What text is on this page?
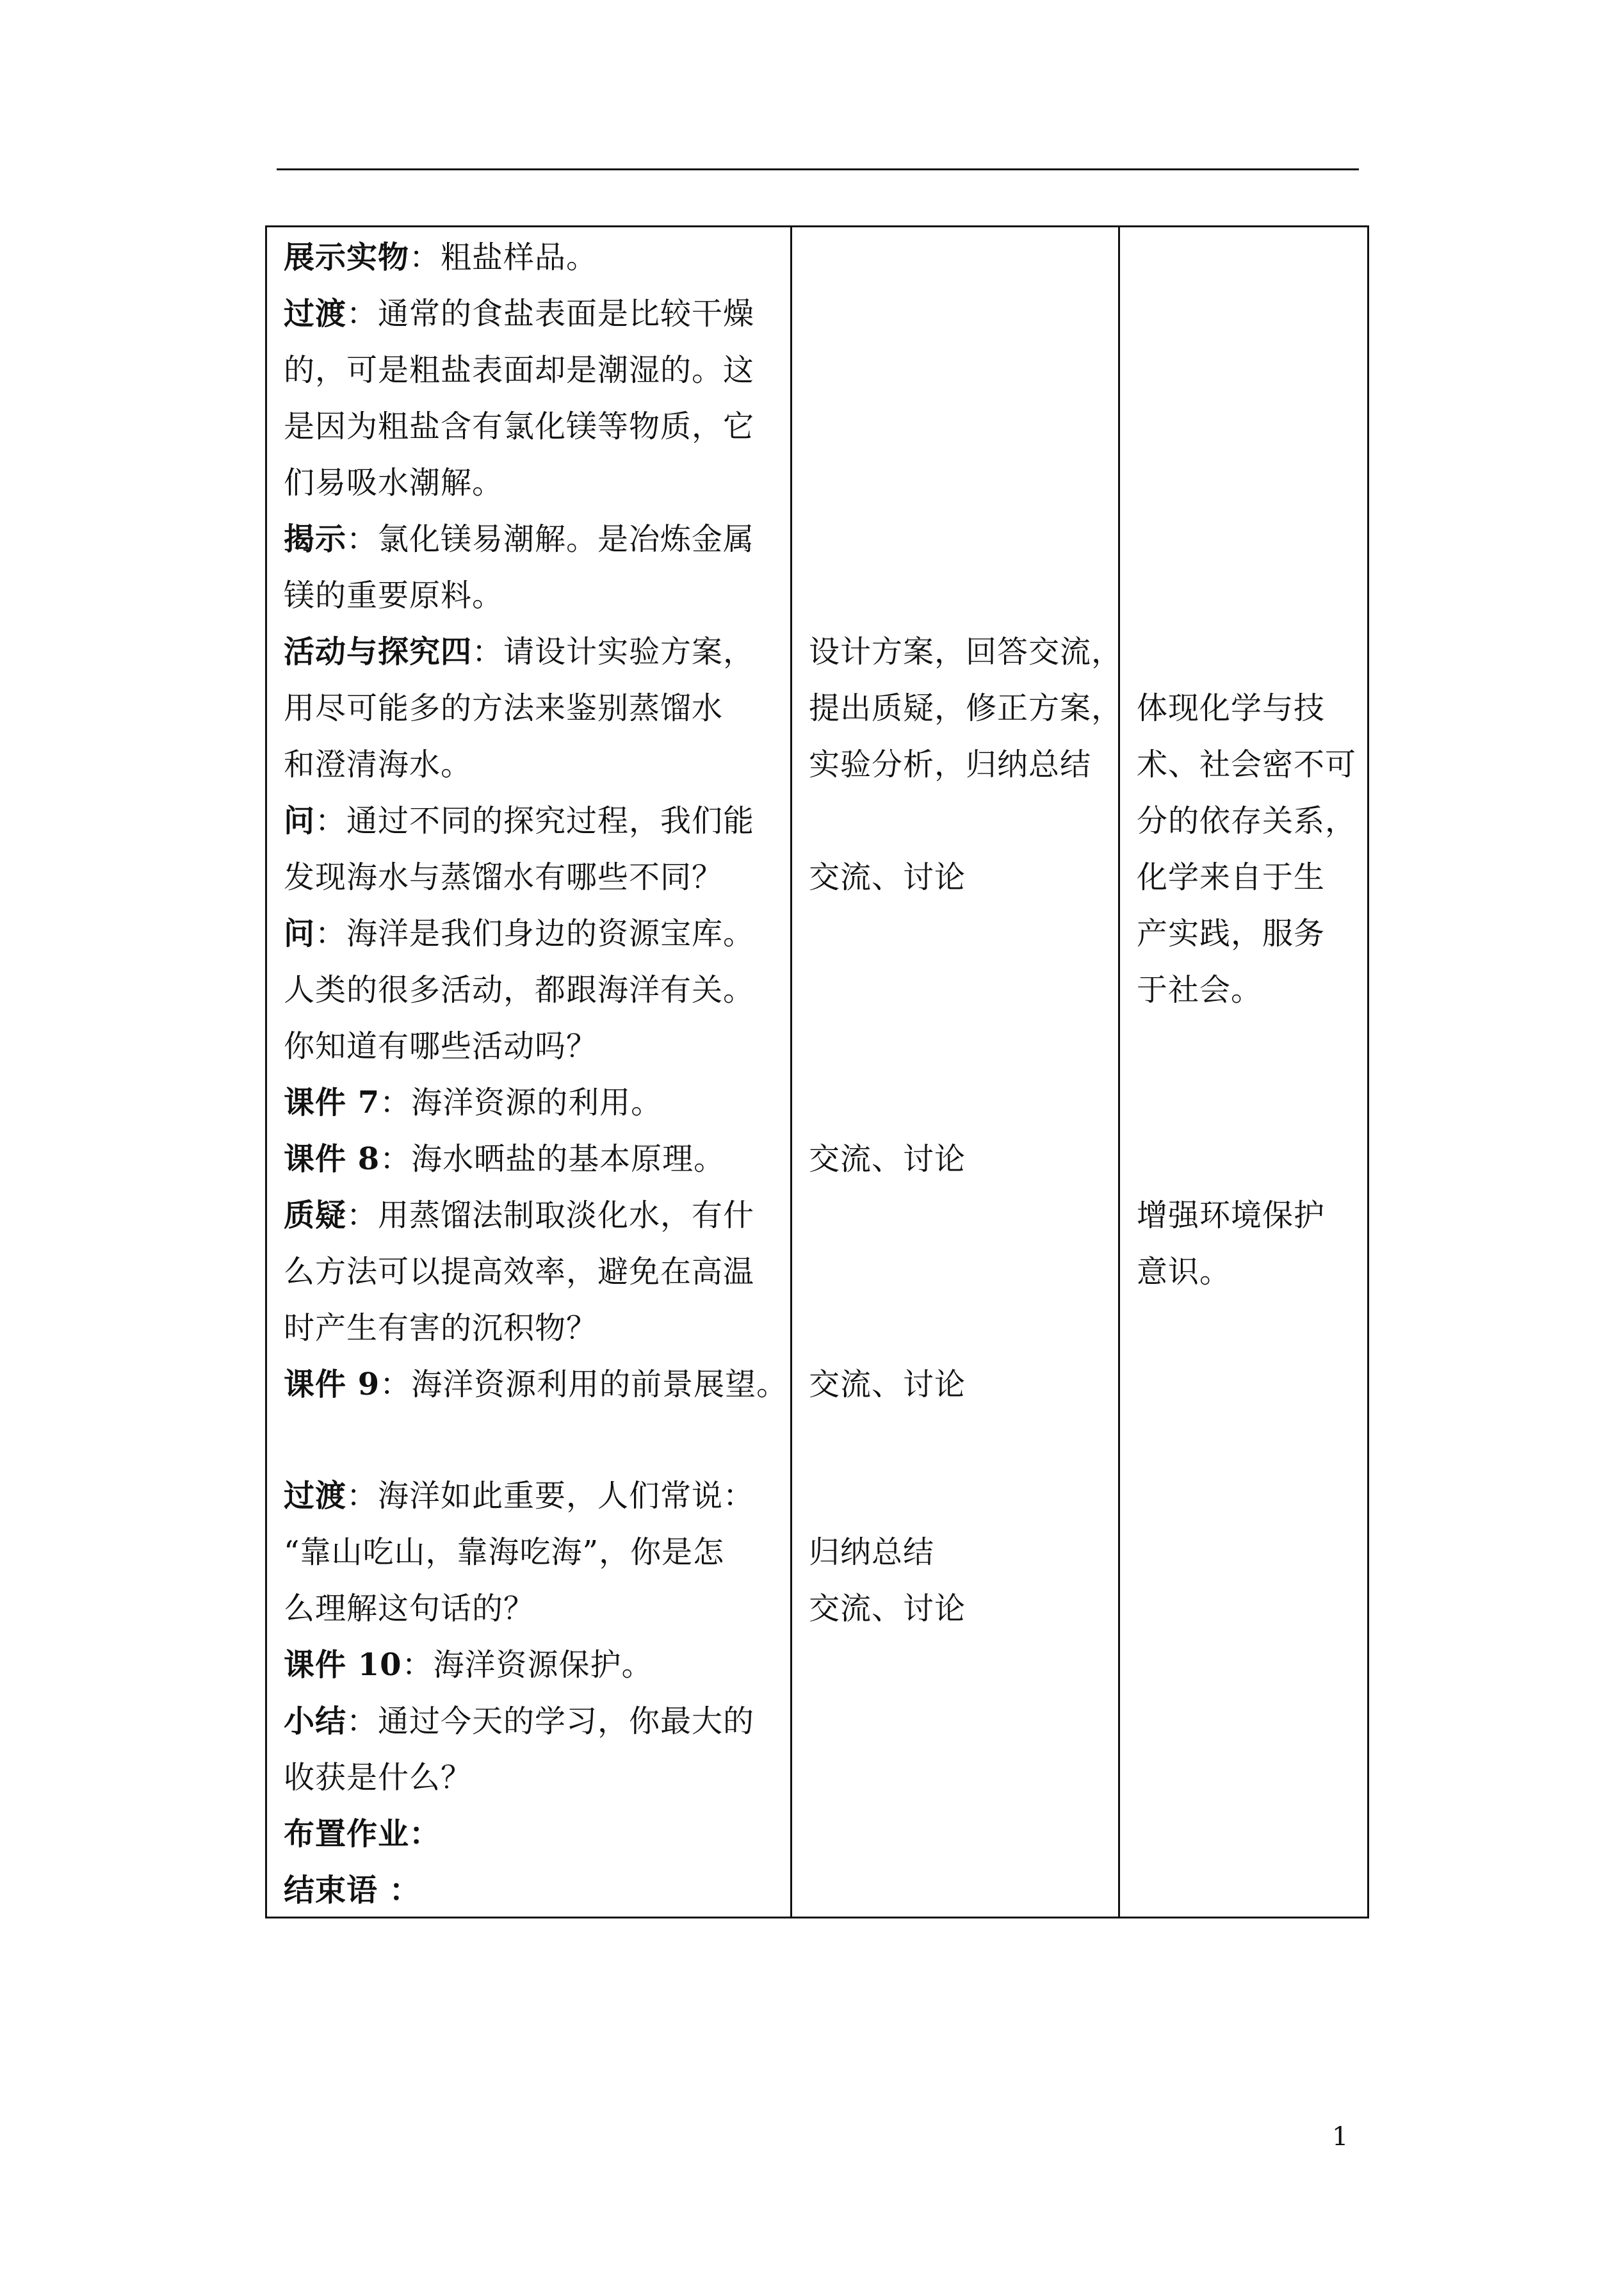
展示实物：粗盐样品。
过渡：通常的食盐表面是比较干燥
的，可是粗盐表面却是潮湿的。这
是因为粗盐含有氯化镁等物质，它
们易吸水潮解。
揭示：氯化镁易潮解。是冶炼金属
镁的重要原料。
活动与探究四：请设计实验方案，
用尽可能多的方法来鉴别蒸馏水
和澄清海水。
问：通过不同的探究过程，我们能
发现海水与蒸馏水有哪些不同？
问：海洋是我们身边的资源宝库。
人类的很多活动，都跟海洋有关。
你知道有哪些活动吗？
课件 7：海洋资源的利用。
课件 8：海水晒盐的基本原理。
质疑：用蒸馏法制取淡化水，有什
么方法可以提高效率，避免在高温
时产生有害的沉积物？
课件 9：海洋资源利用的前景展望。
过渡：海洋如此重要，人们常说：
“靠山吃山，靠海吃海”，你是怎
么理解这句话的？
课件 10：海洋资源保护。
小结：通过今天的学习，你最大的
收获是什么？
布置作业：
结束语 ：
设计方案，回答交流，
提出质疑，修正方案，
实验分析，归纳总结
交流、讨论
交流、讨论
交流、讨论
归纳总结
交流、讨论
体现化学与技
术、社会密不可
分的依存关系，
化学来自于生
产实践，服务
于社会。
增强环境保护
意识。
1
